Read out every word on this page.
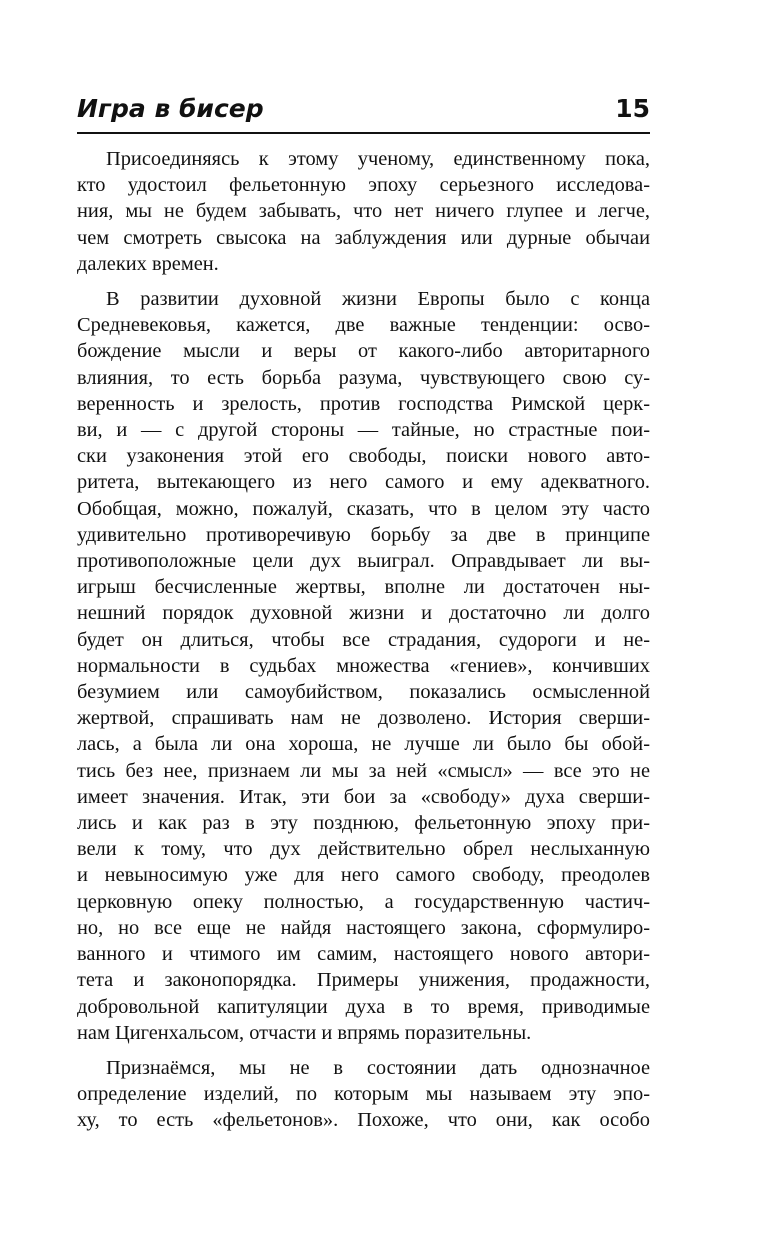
Игра в бисер	15

Присоединяясь к этому ученому, единственному пока,
кто удостоил фельетонную эпоху серьезного исследова-
ния, мы не будем забывать, что нет ничего глупее и легче,
чем смотреть свысока на заблуждения или дурные обычаи
далеких времен.

В развитии духовной жизни Европы было с конца
Средневековья, кажется, две важные тенденции: осво-
бождение мысли и веры от какого-либо авторитарного
влияния, то есть борьба разума, чувствующего свою су-
веренность и зрелость, против господства Римской церк-
ви, и — с другой стороны — тайные, но страстные пои-
ски узаконения этой его свободы, поиски нового авто-
ритета, вытекающего из него самого и ему адекватного.
Обобщая, можно, пожалуй, сказать, что в целом эту часто
удивительно противоречивую борьбу за две в принципе
противоположные цели дух выиграл. Оправдывает ли вы-
игрыш бесчисленные жертвы, вполне ли достаточен ны-
нешний порядок духовной жизни и достаточно ли долго
будет он длиться, чтобы все страдания, судороги и не-
нормальности в судьбах множества «гениев», кончивших
безумием или самоубийством, показались осмысленной
жертвой, спрашивать нам не дозволено. История сверши-
лась, а была ли она хороша, не лучше ли было бы обой-
тись без нее, признаем ли мы за ней «смысл» — все это не
имеет значения. Итак, эти бои за «свободу» духа сверши-
лись и как раз в эту позднюю, фельетонную эпоху при-
вели к тому, что дух действительно обрел неслыханную
и невыносимую уже для него самого свободу, преодолев
церковную опеку полностью, а государственную частич-
но, но все еще не найдя настоящего закона, сформулиро-
ванного и чтимого им самим, настоящего нового автори-
тета и законопорядка. Примеры унижения, продажности,
добровольной капитуляции духа в то время, приводимые
нам Цигенхальсом, отчасти и впрямь поразительны.

Признаёмся, мы не в состоянии дать однозначное
определение изделий, по которым мы называем эту эпо-
ху, то есть «фельетонов». Похоже, что они, как особо
